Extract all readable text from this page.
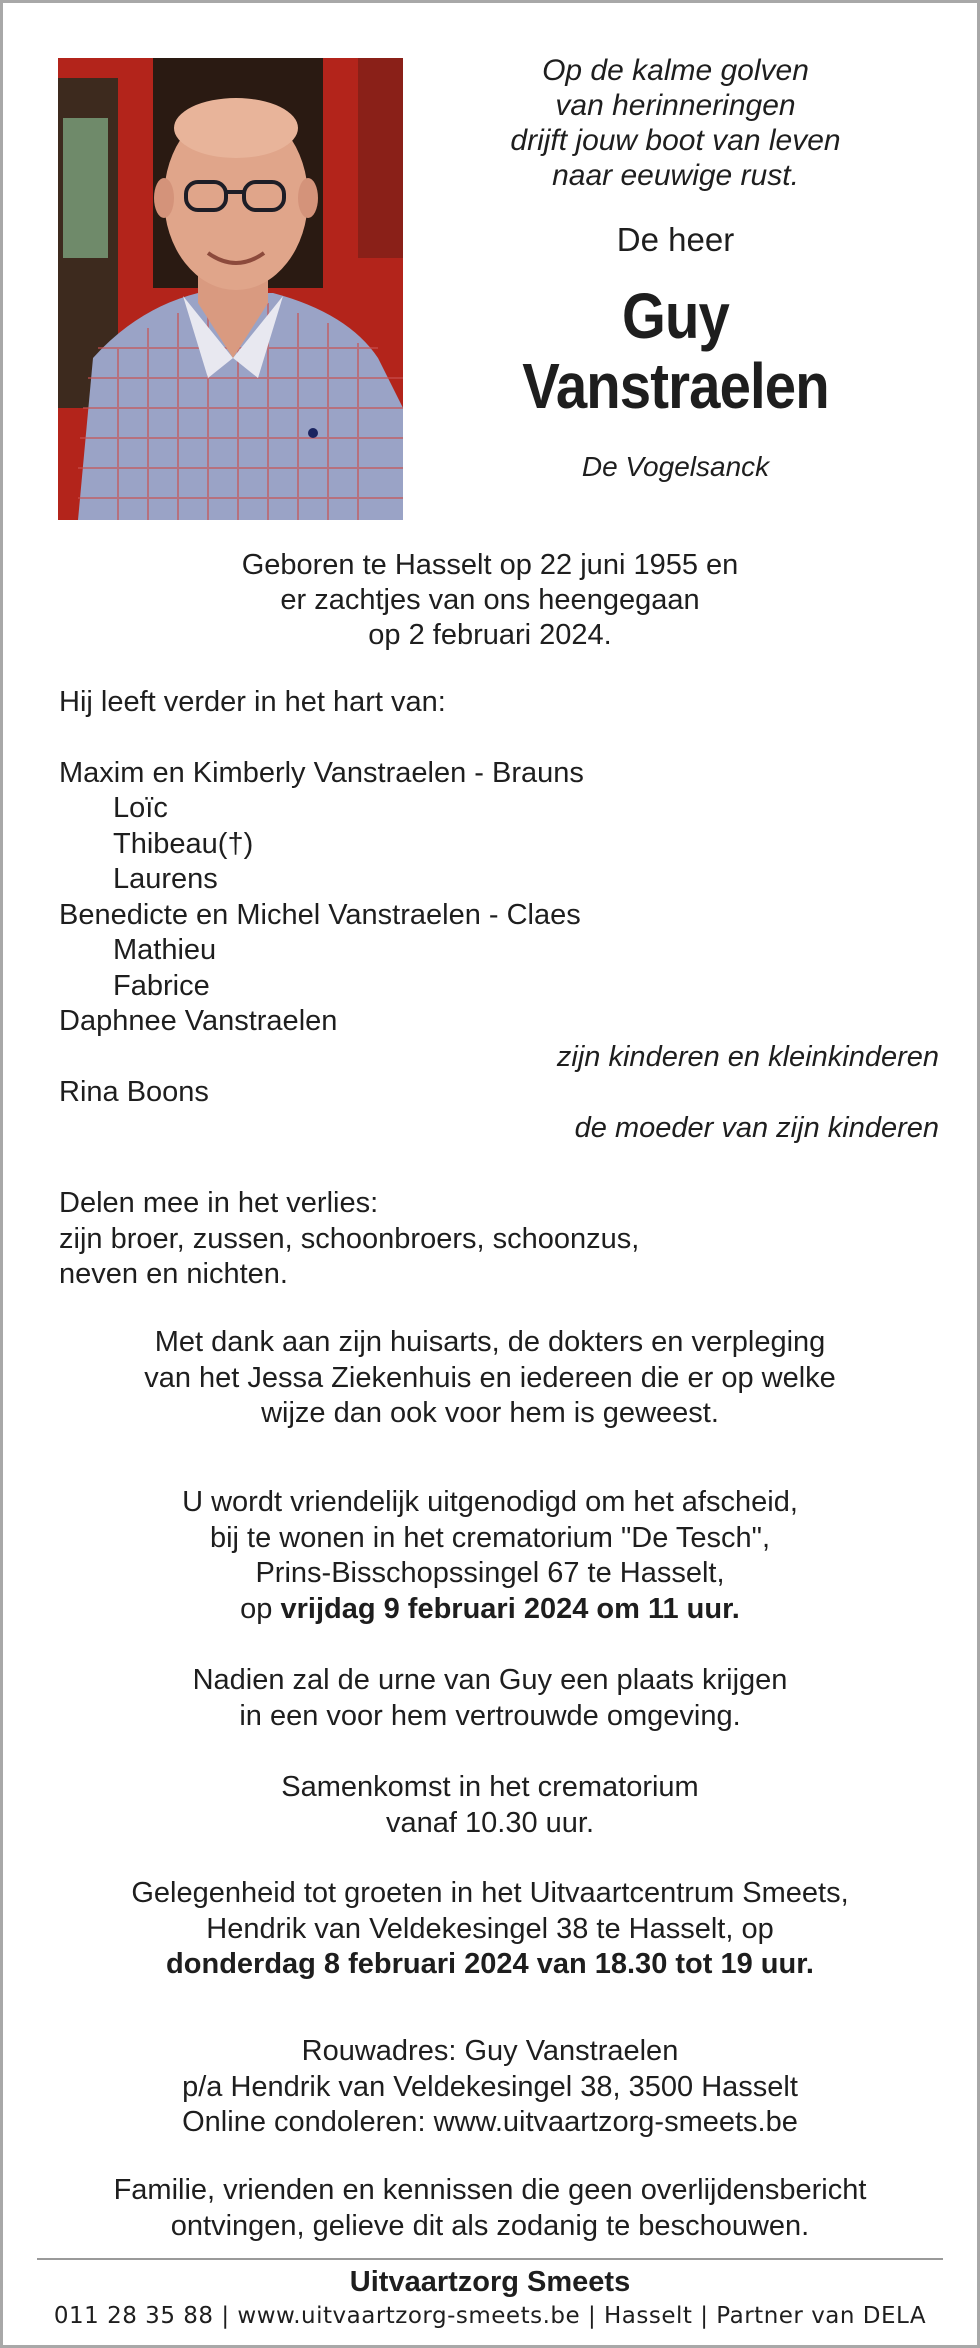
Op de kalme golven
van herinneringen
drijft jouw boot van leven
naar eeuwige rust.
De heer
Guy
Vanstraelen
De Vogelsanck
Geboren te Hasselt op 22 juni 1955 en
er zachtjes van ons heengegaan
op 2 februari 2024.
Hij leeft verder in het hart van:
Maxim en Kimberly Vanstraelen - Brauns
Loïc
Thibeau(†)
Laurens
Benedicte en Michel Vanstraelen - Claes
Mathieu
Fabrice
Daphnee Vanstraelen
zijn kinderen en kleinkinderen
Rina Boons
de moeder van zijn kinderen
Delen mee in het verlies:
zijn broer, zussen, schoonbroers, schoonzus,
neven en nichten.
Met dank aan zijn huisarts, de dokters en verpleging
van het Jessa Ziekenhuis en iedereen die er op welke
wijze dan ook voor hem is geweest.
U wordt vriendelijk uitgenodigd om het afscheid,
bij te wonen in het crematorium "De Tesch",
Prins-Bisschopssingel 67 te Hasselt,
op vrijdag 9 februari 2024 om 11 uur.
Nadien zal de urne van Guy een plaats krijgen
in een voor hem vertrouwde omgeving.
Samenkomst in het crematorium
vanaf 10.30 uur.
Gelegenheid tot groeten in het Uitvaartcentrum Smeets,
Hendrik van Veldekesingel 38 te Hasselt, op
donderdag 8 februari 2024 van 18.30 tot 19 uur.
Rouwadres: Guy Vanstraelen
p/a Hendrik van Veldekesingel 38, 3500 Hasselt
Online condoleren: www.uitvaartzorg-smeets.be
Familie, vrienden en kennissen die geen overlijdensbericht
ontvingen, gelieve dit als zodanig te beschouwen.
Uitvaartzorg Smeets
011 28 35 88 | www.uitvaartzorg-smeets.be | Hasselt | Partner van DELA
